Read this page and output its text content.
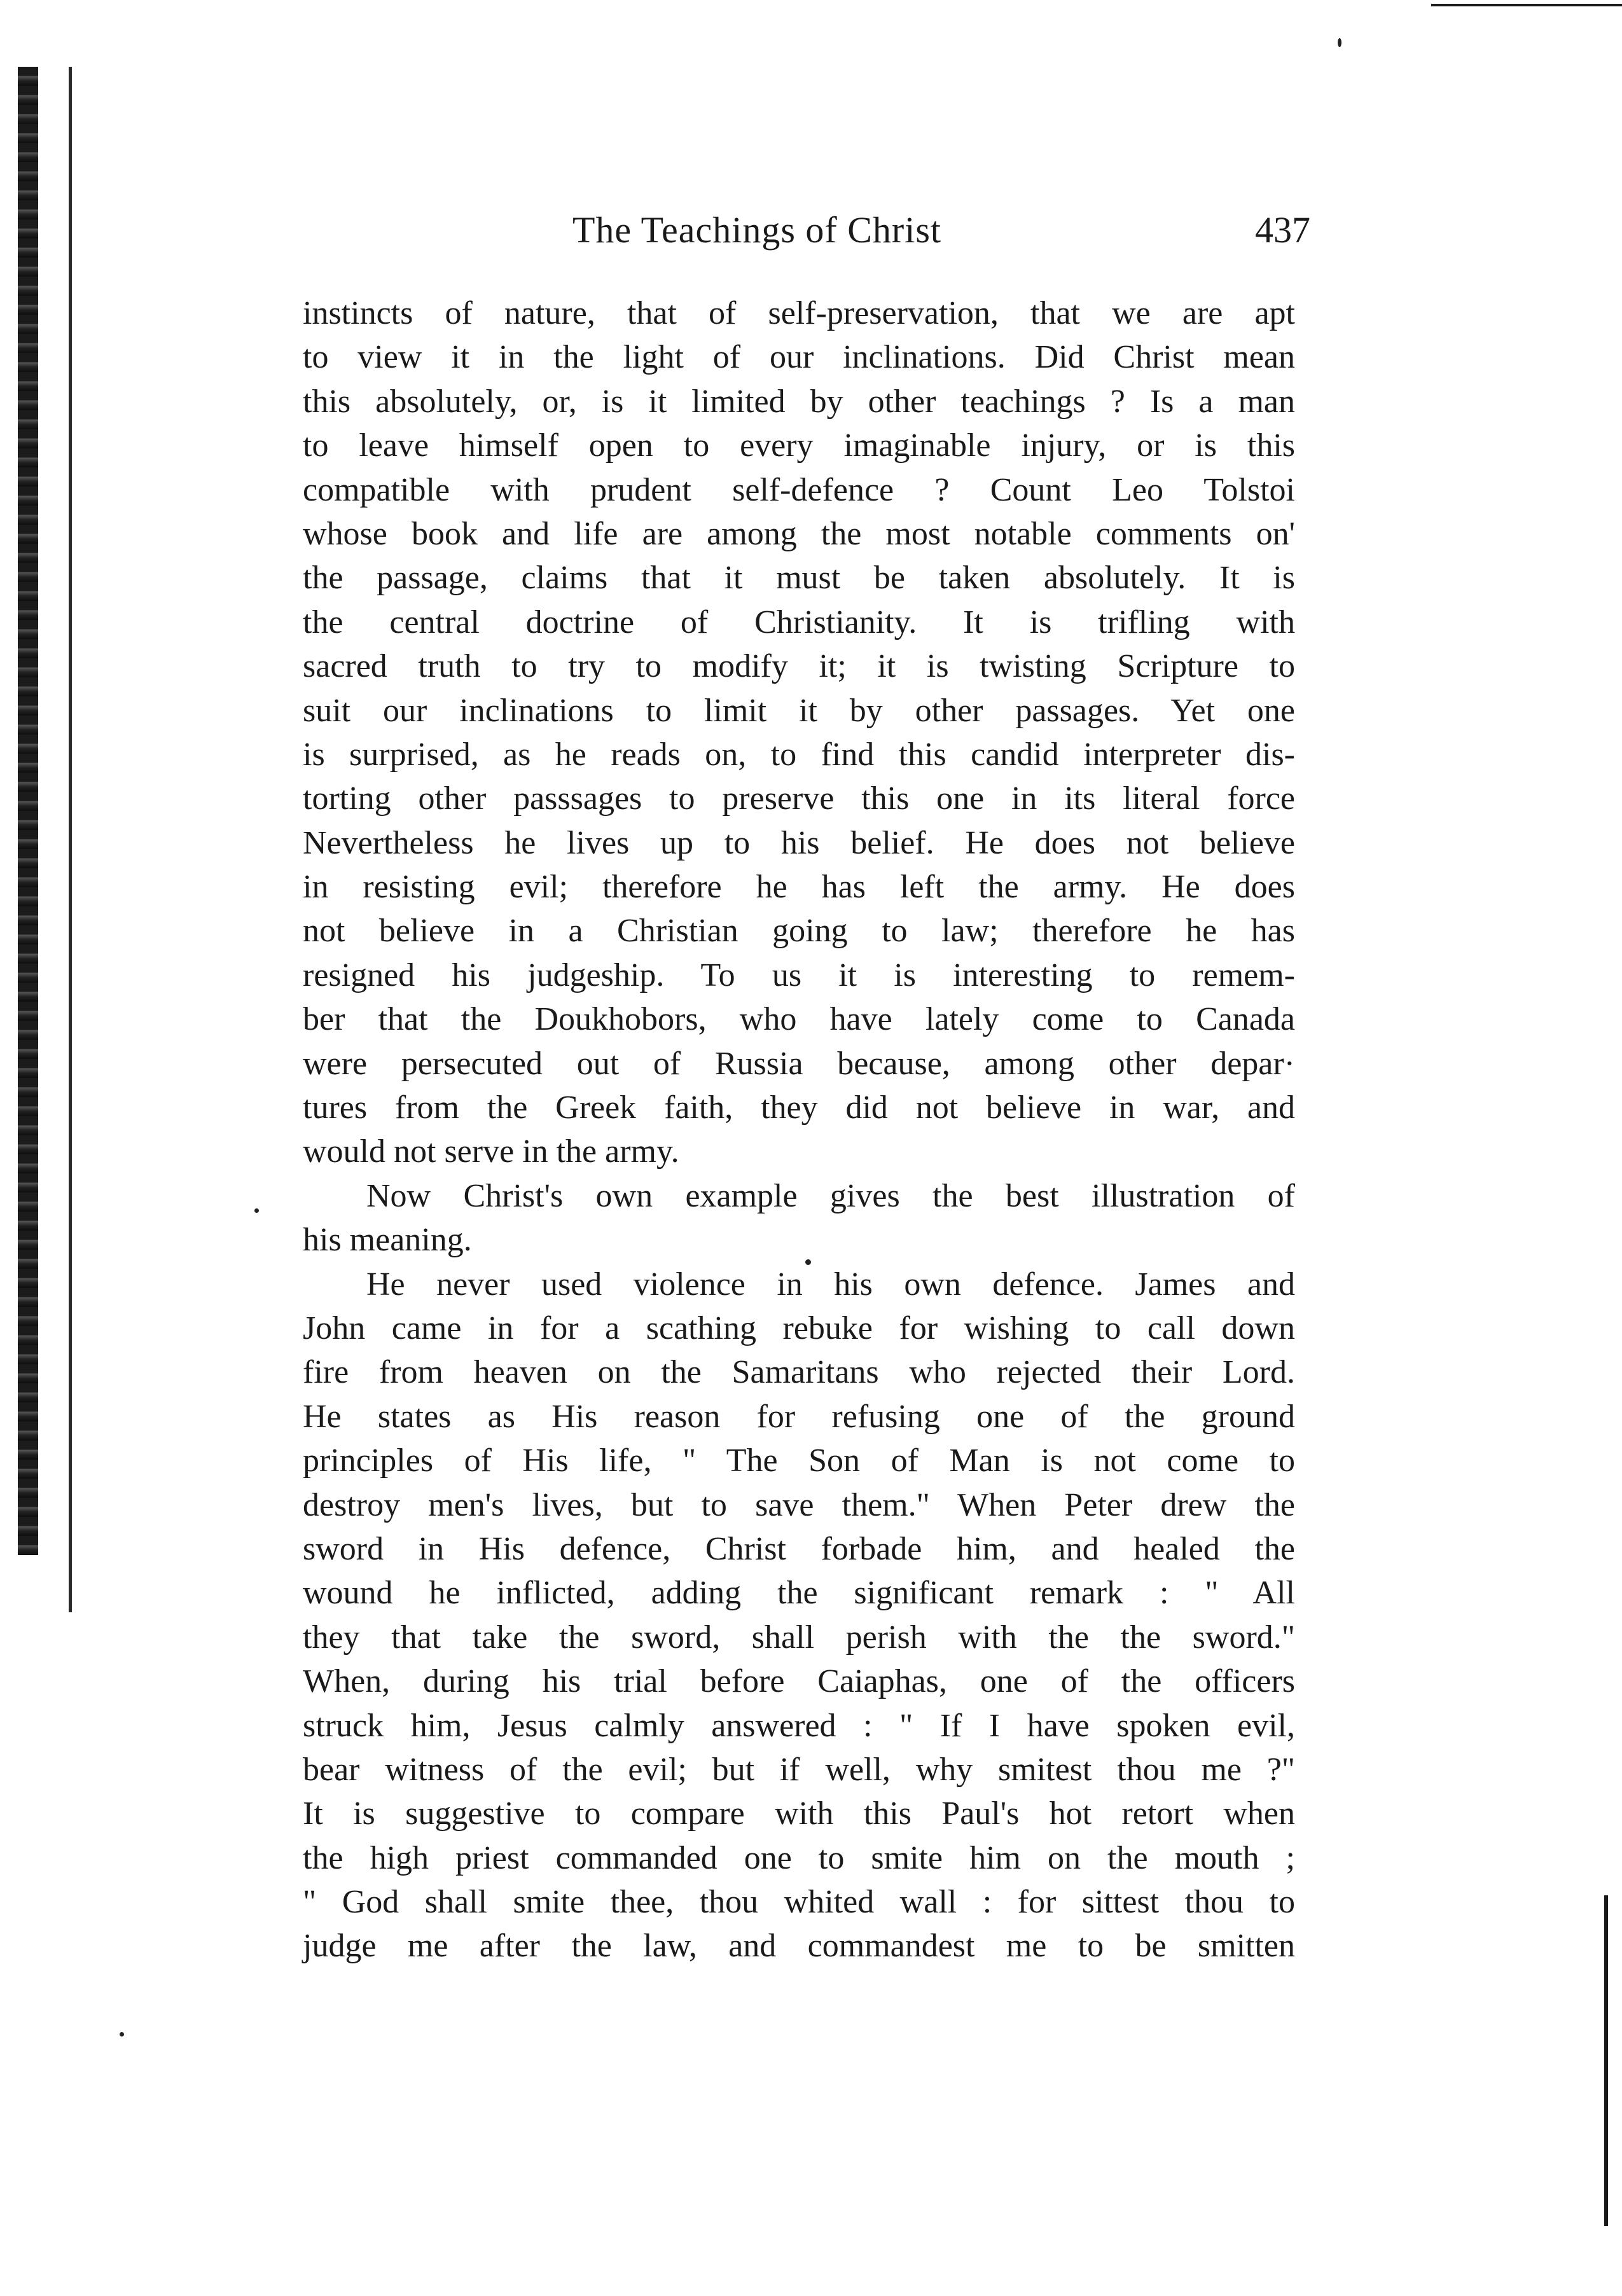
The Teachings of Christ	437
instincts of nature, that of self-preservation, that we are apt
to view it in the light of our inclinations. Did Christ mean
this absolutely, or, is it limited by other teachings ? Is a man
to leave himself open to every imaginable injury, or is this
compatible with prudent self-defence ? Count Leo Tolstoi
whose book and life are among the most notable comments on'
the passage, claims that it must be taken absolutely. It is
the central doctrine of Christianity. It is trifling with
sacred truth to try to modify it; it is twisting Scripture to
suit our inclinations to limit it by other passages. Yet one
is surprised, as he reads on, to find this candid interpreter dis-
torting other passsages to preserve this one in its literal force
Nevertheless he lives up to his belief. He does not believe
in resisting evil; therefore he has left the army. He does
not believe in a Christian going to law; therefore he has
resigned his judgeship. To us it is interesting to remem-
ber that the Doukhobors, who have lately come to Canada
were persecuted out of Russia because, among other depar·
tures from the Greek faith, they did not believe in war, and
would not serve in the army.
Now Christ's own example gives the best illustration of
his meaning.
He never used violence in his own defence. James and
John came in for a scathing rebuke for wishing to call down
fire from heaven on the Samaritans who rejected their Lord.
He states as His reason for refusing one of the ground
principles of His life, " The Son of Man is not come to
destroy men's lives, but to save them." When Peter drew the
sword in His defence, Christ forbade him, and healed the
wound he inflicted, adding the significant remark : " All
they that take the sword, shall perish with the the sword."
When, during his trial before Caiaphas, one of the officers
struck him, Jesus calmly answered : " If I have spoken evil,
bear witness of the evil; but if well, why smitest thou me ?"
It is suggestive to compare with this Paul's hot retort when
the high priest commanded one to smite him on the mouth ;
" God shall smite thee, thou whited wall : for sittest thou to
judge me after the law, and commandest me to be smitten
